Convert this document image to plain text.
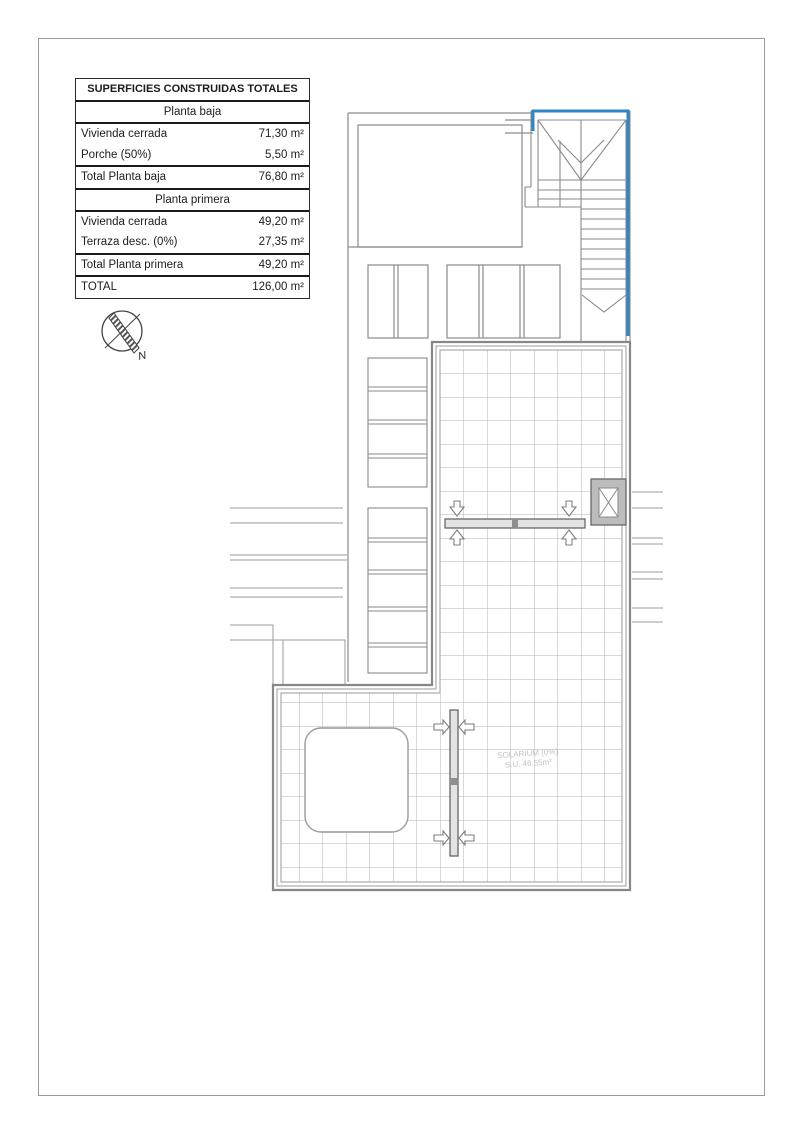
SOLARIUM (0%)
S.U. 46.55m²
N
SUPERFICIES CONSTRUIDAS TOTALES
Planta baja
Vivienda cerrada	71,30 m²
Porche (50%)	5,50 m²
Total Planta baja	76,80 m²
Planta primera
Vivienda cerrada	49,20 m²
Terraza desc. (0%)	27,35 m²
Total Planta primera	49,20 m²
TOTAL	126,00 m²
